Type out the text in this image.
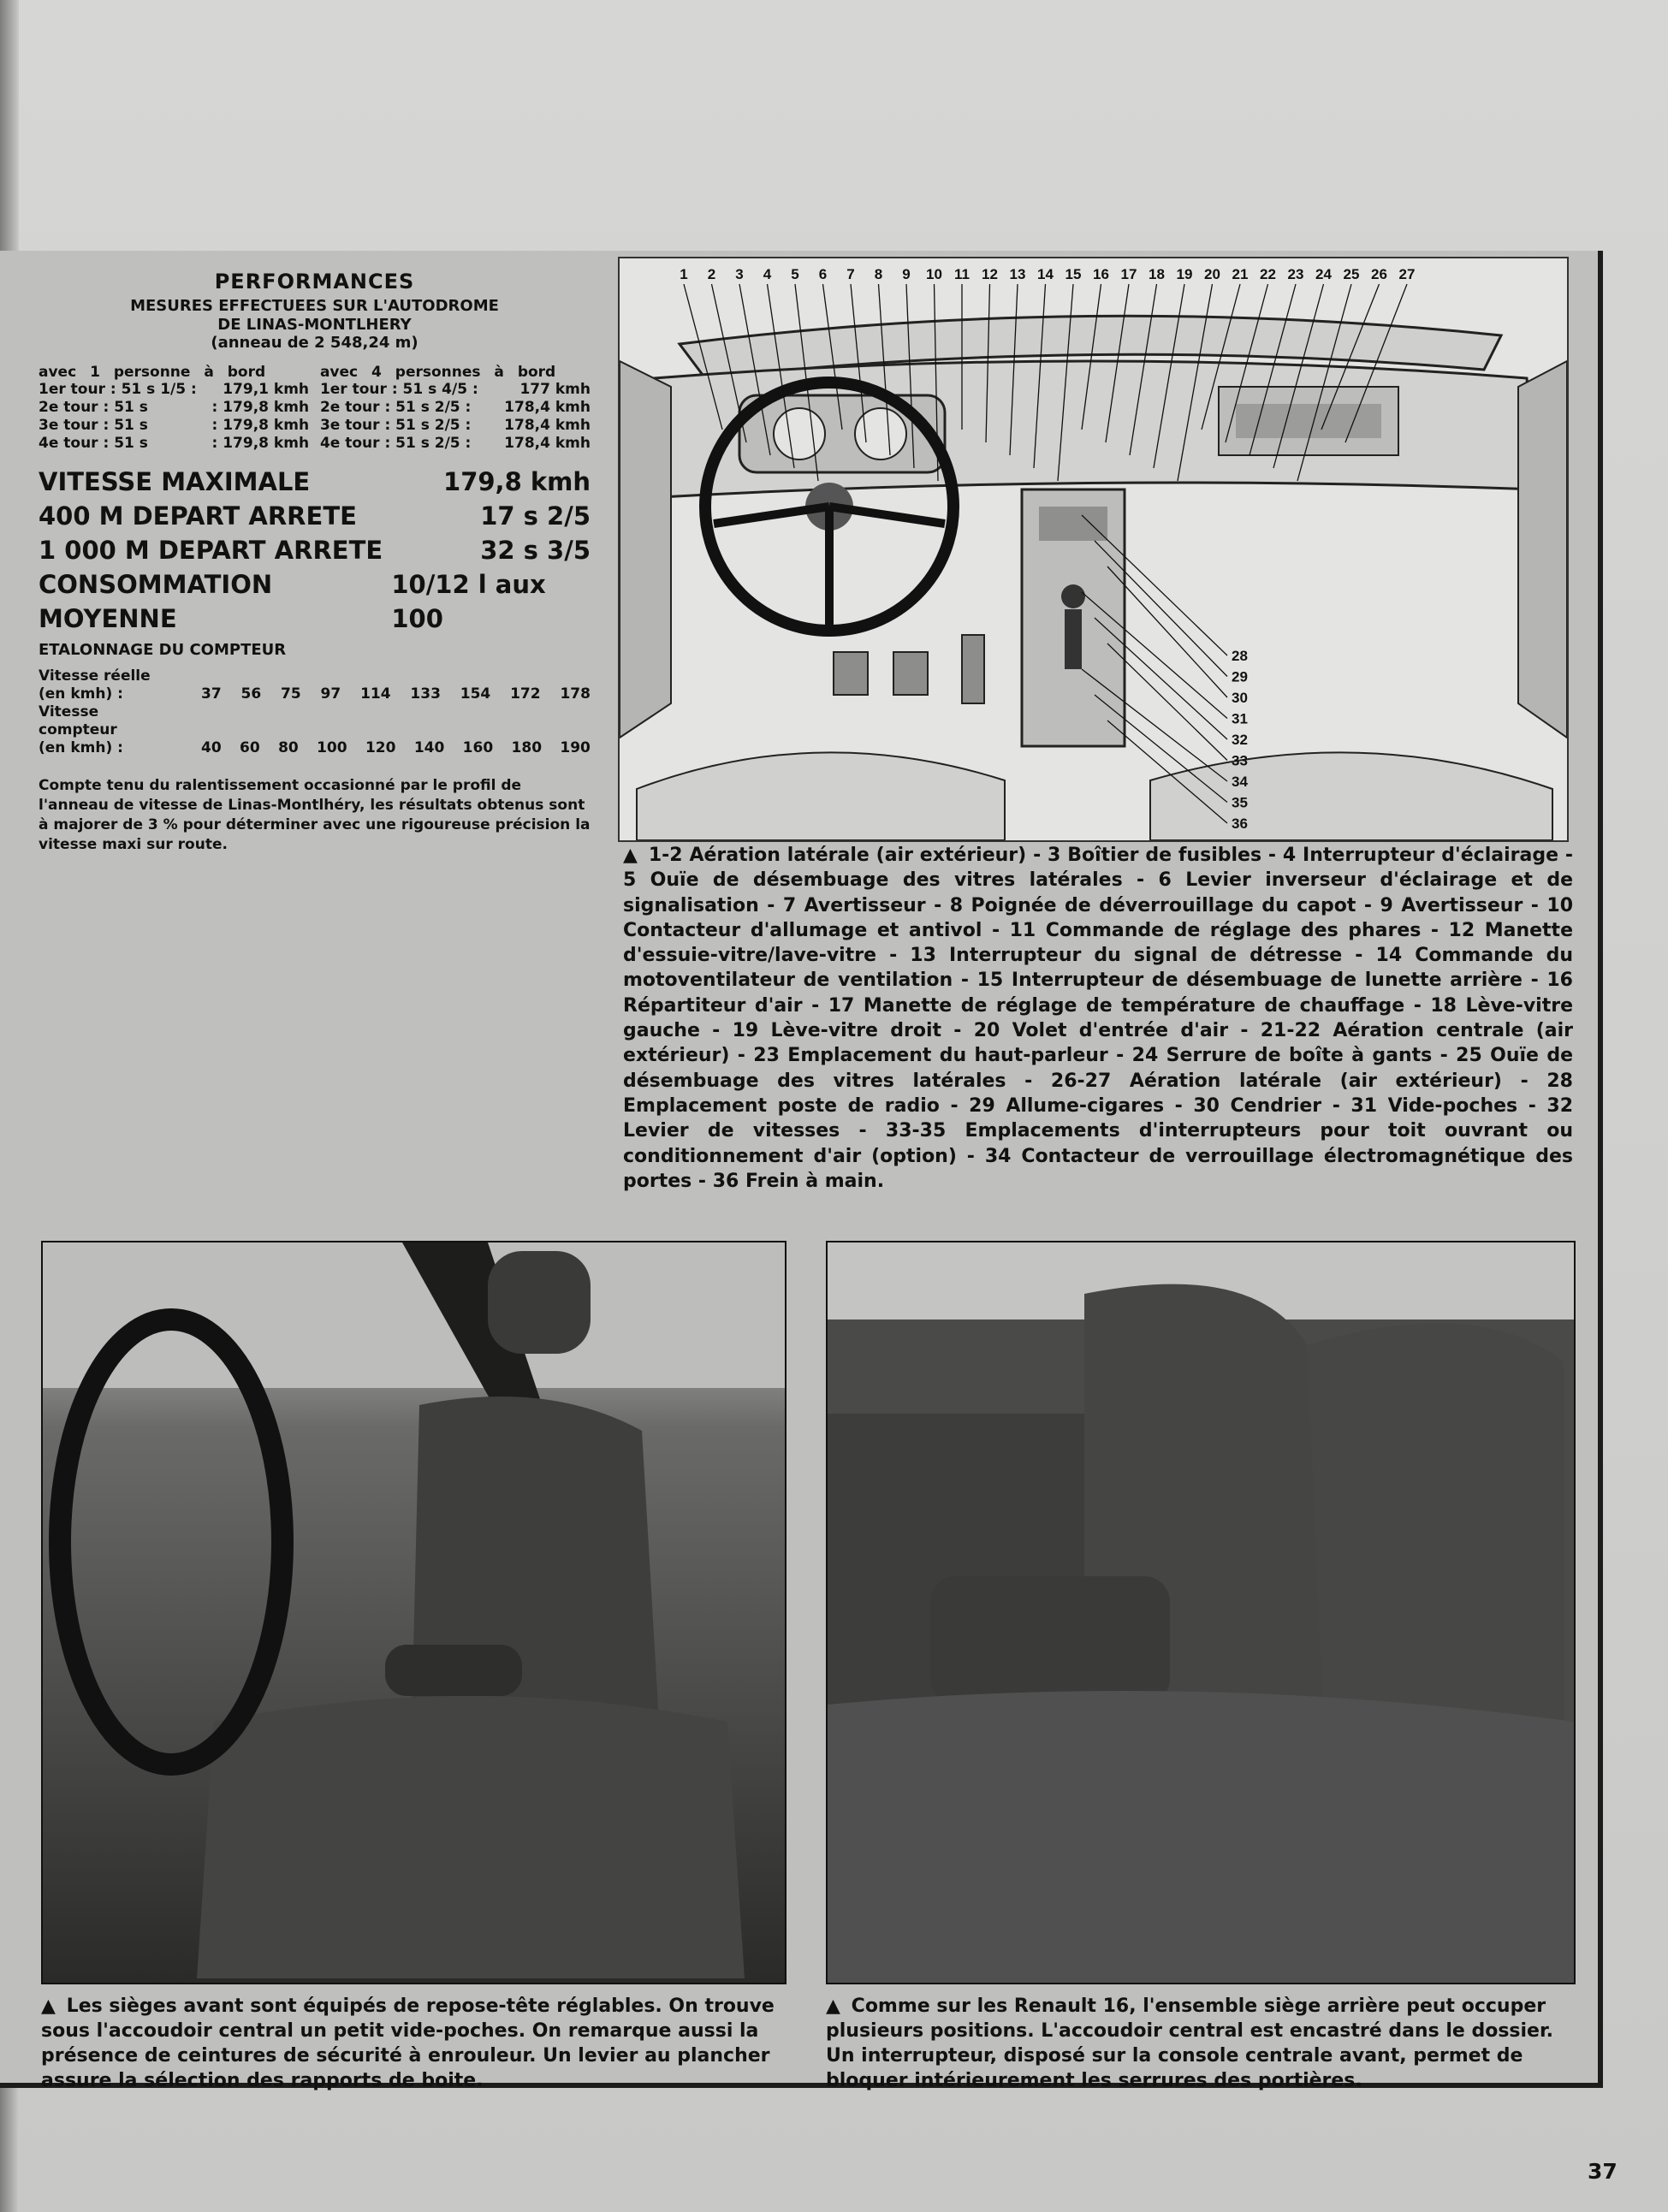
PERFORMANCES
MESURES EFFECTUEES SUR L'AUTODROME
DE LINAS-MONTLHERY
(anneau de 2 548,24 m)
avec 1 personne à bord
1er tour : 51 s 1/5 : 179,1 kmh
2e tour : 51 s	: 179,8 kmh
3e tour : 51 s	: 179,8 kmh
4e tour : 51 s	: 179,8 kmh
avec 4 personnes à bord
1er tour : 51 s 4/5 :	177 kmh
2e tour : 51 s 2/5 : 178,4 kmh
3e tour : 51 s 2/5 : 178,4 kmh
4e tour : 51 s 2/5 : 178,4 kmh
VITESSE MAXIMALE	179,8 kmh
400 M DEPART ARRETE	17 s 2/5
1 000 M DEPART ARRETE	32 s 3/5
CONSOMMATION MOYENNE
10/12 l aux 100
ETALONNAGE DU COMPTEUR
Vitesse réelle
(en kmh) :	37 56 75 97 114 133 154 172 178
Vitesse
compteur
(en kmh) :	40 60 80 100 120 140 160 180 190
Compte tenu du ralentissement occasionné par le profil de l'anneau de vitesse de Linas-Montlhéry, les résultats obtenus sont à majorer de 3 % pour déterminer avec une rigoureuse précision la vitesse maxi sur route.
1 2 3 4 5 6 7 8 9 10 11 12 13 14 15 16 17 18 19 20 21 22 23 24 25 26 27
28
29
30
31
32
33
34
35
36
▲ 1-2 Aération latérale (air extérieur) - 3 Boîtier de fusibles - 4 Interrupteur d'éclairage - 5 Ouïe de désembuage des vitres latérales - 6 Levier inverseur d'éclairage et de signalisation - 7 Avertisseur - 8 Poignée de déverrouillage du capot - 9 Avertisseur - 10 Contacteur d'allumage et antivol - 11 Commande de réglage des phares - 12 Manette d'essuie-vitre/lave-vitre - 13 Interrupteur du signal de détresse - 14 Commande du motoventilateur de ventilation - 15 Interrupteur de désembuage de lunette arrière - 16 Répartiteur d'air - 17 Manette de réglage de température de chauffage - 18 Lève-vitre gauche - 19 Lève-vitre droit - 20 Volet d'entrée d'air - 21-22 Aération centrale (air extérieur) - 23 Emplacement du haut-parleur - 24 Serrure de boîte à gants - 25 Ouïe de désembuage des vitres latérales - 26-27 Aération latérale (air extérieur) - 28 Emplacement poste de radio - 29 Allume-cigares - 30 Cendrier - 31 Vide-poches - 32 Levier de vitesses - 33-35 Emplacements d'interrupteurs pour toit ouvrant ou conditionnement d'air (option) - 34 Contacteur de verrouillage électromagnétique des portes - 36 Frein à main.
▲ Les sièges avant sont équipés de repose-tête réglables. On trouve sous l'accoudoir central un petit vide-poches. On remarque aussi la présence de ceintures de sécurité à enrouleur. Un levier au plancher assure la sélection des rapports de boite.
▲ Comme sur les Renault 16, l'ensemble siège arrière peut occuper plusieurs positions. L'accoudoir central est encastré dans le dossier. Un interrupteur, disposé sur la console centrale avant, permet de bloquer intérieurement les serrures des portières.
37
